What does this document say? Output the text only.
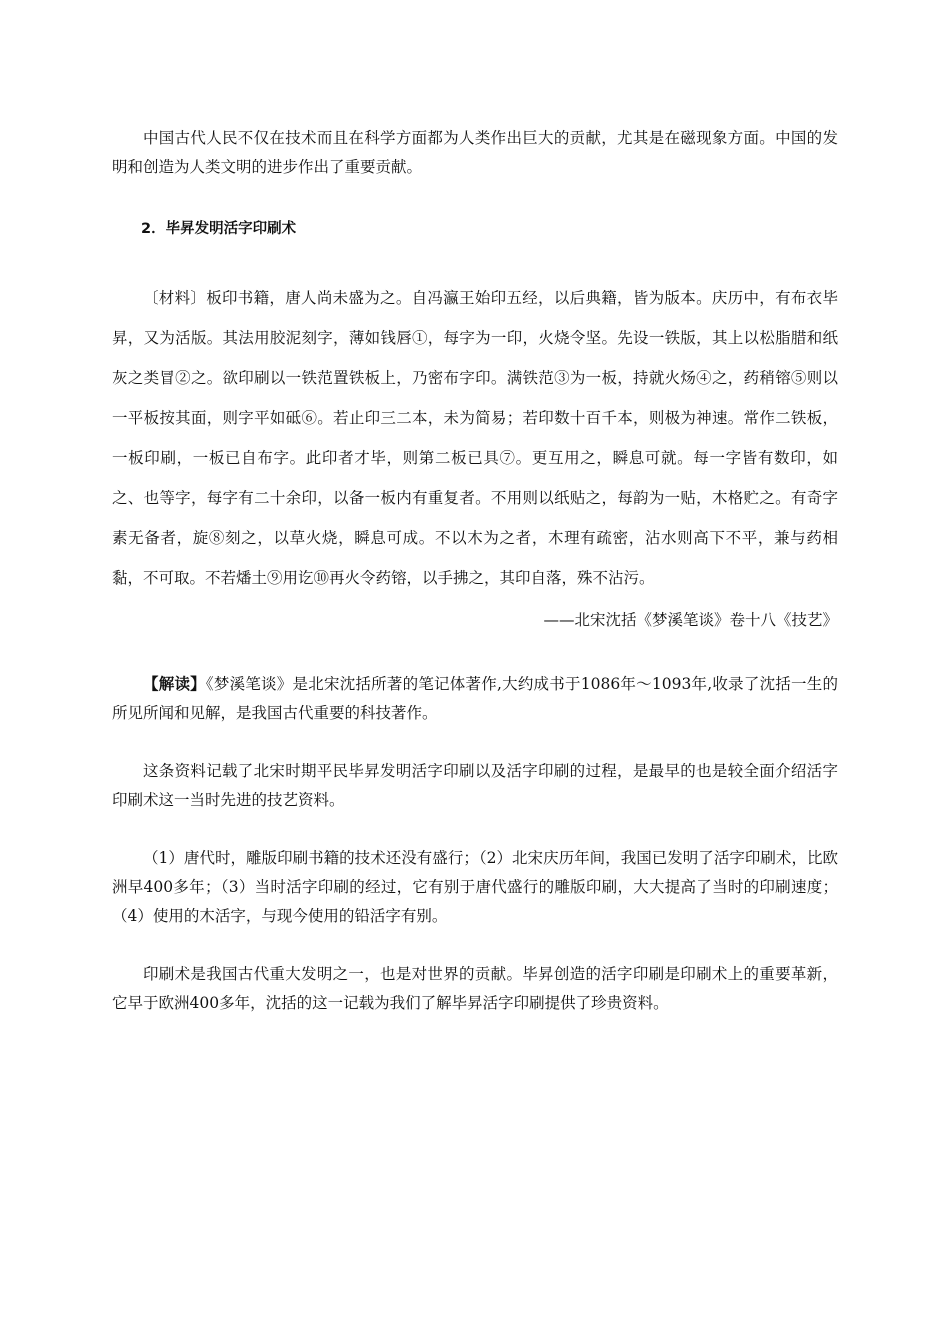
中国古代人民不仅在技术而且在科学方面都为人类作出巨大的贡献，尤其是在磁现象方面。中国的发明和创造为人类文明的进步作出了重要贡献。

2．毕昇发明活字印刷术

〔材料〕板印书籍，唐人尚未盛为之。自冯瀛王始印五经，以后典籍，皆为版本。庆历中，有布衣毕昇，又为活版。其法用胶泥刻字，薄如钱唇①，每字为一印，火烧令坚。先设一铁版，其上以松脂腊和纸灰之类冒②之。欲印刷以一铁范置铁板上，乃密布字印。满铁范③为一板，持就火炀④之，药稍镕⑤则以一平板按其面，则字平如砥⑥。若止印三二本，未为简易；若印数十百千本，则极为神速。常作二铁板，一板印刷，一板已自布字。此印者才毕，则第二板已具⑦。更互用之，瞬息可就。每一字皆有数印，如之、也等字，每字有二十余印，以备一板内有重复者。不用则以纸贴之，每韵为一贴，木格贮之。有奇字素无备者，旋⑧刻之，以草火烧，瞬息可成。不以木为之者，木理有疏密，沾水则高下不平，兼与药相黏，不可取。不若燔土⑨用讫⑩再火令药镕，以手拂之，其印自落，殊不沾污。

——北宋沈括《梦溪笔谈》卷十八《技艺》

【解读】《梦溪笔谈》是北宋沈括所著的笔记体著作,大约成书于1086年～1093年,收录了沈括一生的所见所闻和见解，是我国古代重要的科技著作。

这条资料记载了北宋时期平民毕昇发明活字印刷以及活字印刷的过程，是最早的也是较全面介绍活字印刷术这一当时先进的技艺资料。

（1）唐代时，雕版印刷书籍的技术还没有盛行；（2）北宋庆历年间，我国已发明了活字印刷术，比欧洲早400多年；（3）当时活字印刷的经过，它有别于唐代盛行的雕版印刷，大大提高了当时的印刷速度；（4）使用的木活字，与现今使用的铅活字有别。

印刷术是我国古代重大发明之一，也是对世界的贡献。毕昇创造的活字印刷是印刷术上的重要革新，它早于欧洲400多年，沈括的这一记载为我们了解毕昇活字印刷提供了珍贵资料。
